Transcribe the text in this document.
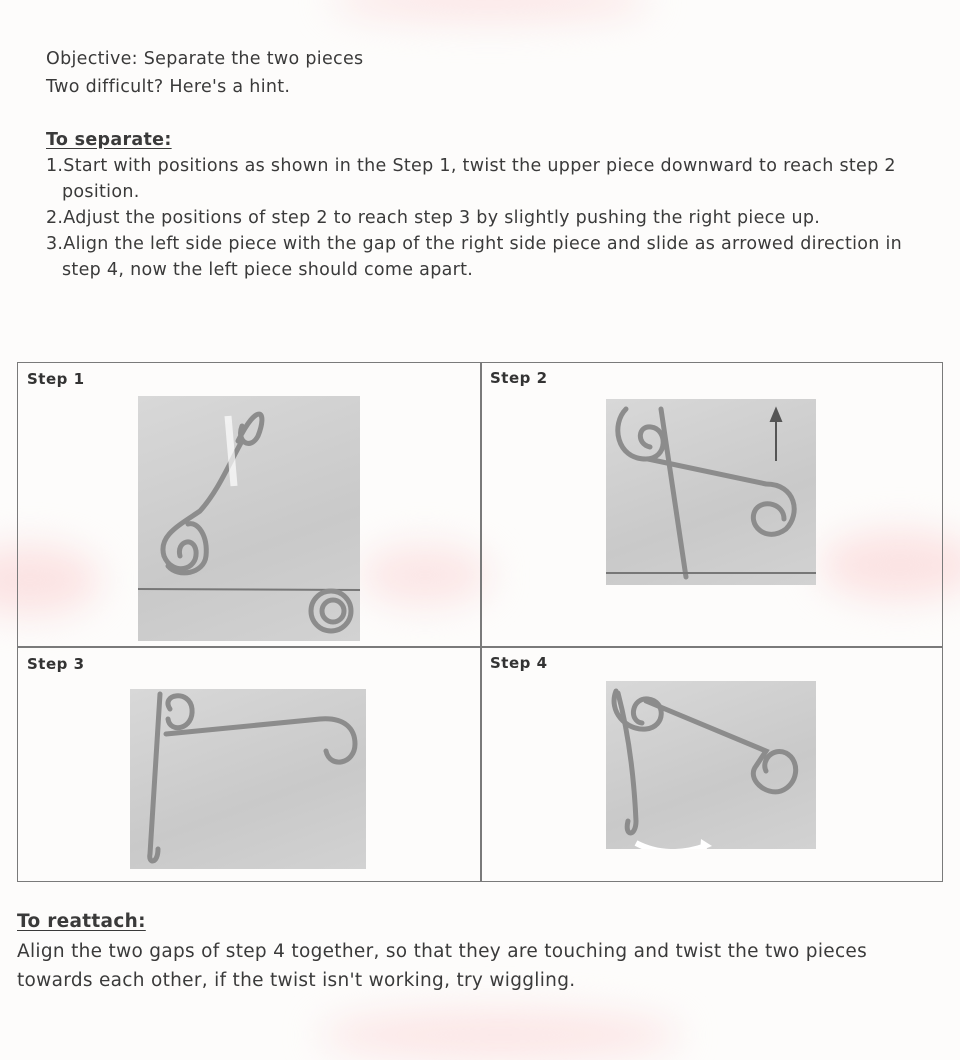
Objective: Separate the two pieces
Two difficult? Here's a hint.
To separate:
1.Start with positions as shown in the Step 1, twist the upper piece downward to reach step 2
position.
2.Adjust the positions of step 2 to reach step 3 by slightly pushing the right piece up.
3.Align the left side piece with the gap of the right side piece and slide as arrowed direction in
step 4, now the left piece should come apart.
Step 1	Step 2
Step 3	Step 4
To reattach:
Align the two gaps of step 4 together, so that they are touching and twist the two pieces
towards each other, if the twist isn't working, try wiggling.
